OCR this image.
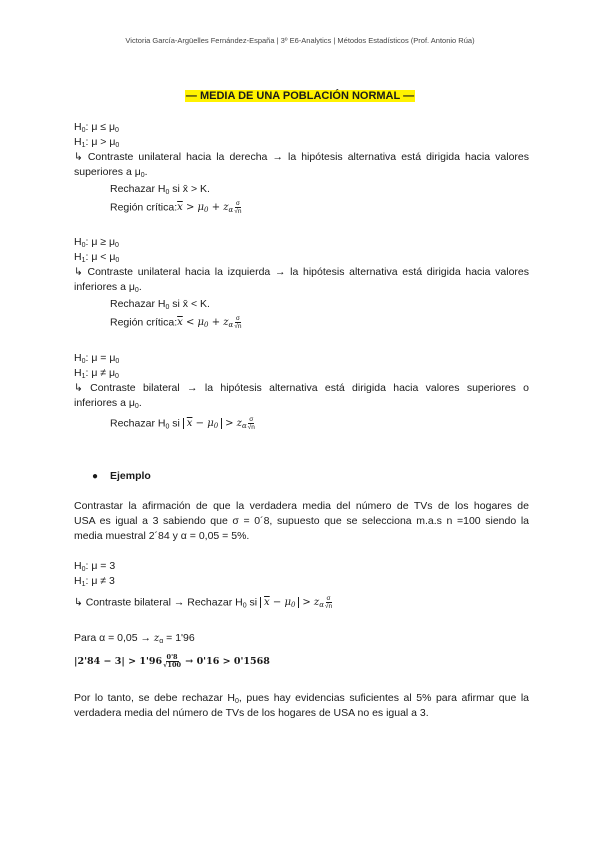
Victoria García-Argüelles Fernández-España | 3º E6-Analytics | Métodos Estadísticos (Prof. Antonio Rúa)
— MEDIA DE UNA POBLACIÓN NORMAL —
$H_0$: $\mu \le \mu_0$
$H_1$: $\mu > \mu_0$
↳ Contraste unilateral hacia la derecha → la hipótesis alternativa está dirigida hacia valores
superiores a $\mu_0$.
Rechazar $H_0$ si x̄ > K.
Región $crítica:\overline{x} > \mu_0 + z_\alpha \frac{\sigma}{√n}$
$H_0$: $\mu \ge \mu_0$
$H_1$: $\mu < \mu_0$
↳ Contraste unilateral hacia la izquierda → la hipótesis alternativa está dirigida hacia valores
inferiores a $\mu_0$.
Rechazar $H_0$ si x̄ < K.
Región $crítica:\overline{x} < \mu_0 + z_\alpha \frac{\sigma}{√n}$
$H_0$: $\mu = \mu_0$
$H_1$: $\mu \ne \mu_0$
↳ Contraste bilateral → la hipótesis alternativa está dirigida hacia valores superiores o
inferiores a $\mu_0$.
Rechazar $H_0$ si $\overline{x} - \mu_0 > z_\alpha \frac{\sigma}{√n}$
● Ejemplo
Contrastar la afirmación de que la verdadera media del número de TVs de los hogares de
USA es igual a 3 sabiendo que σ = 0´8, supuesto que se selecciona m.a.s n =100 siendo la
media muestral 2´84 y α = 0,05 = 5%.
$H_0$: μ = 3
$H_1$: μ ≠ 3
↳ Contraste bilateral → Rechazar $H_0$ si $\overline{x} - \mu_0 > z_\alpha \frac{\sigma}{√n}$
Para $\alpha = 0,05 \to z_\alpha = 1'96$
$|2'84 - 3| > 1'96 \frac{0'8}{√100} \to 0'16 > 0'1568$
Por lo tanto, se debe rechazar $H_0$, pues hay evidencias suficientes al 5% para afirmar que la
verdadera media del número de TVs de los hogares de USA no es igual a 3.
